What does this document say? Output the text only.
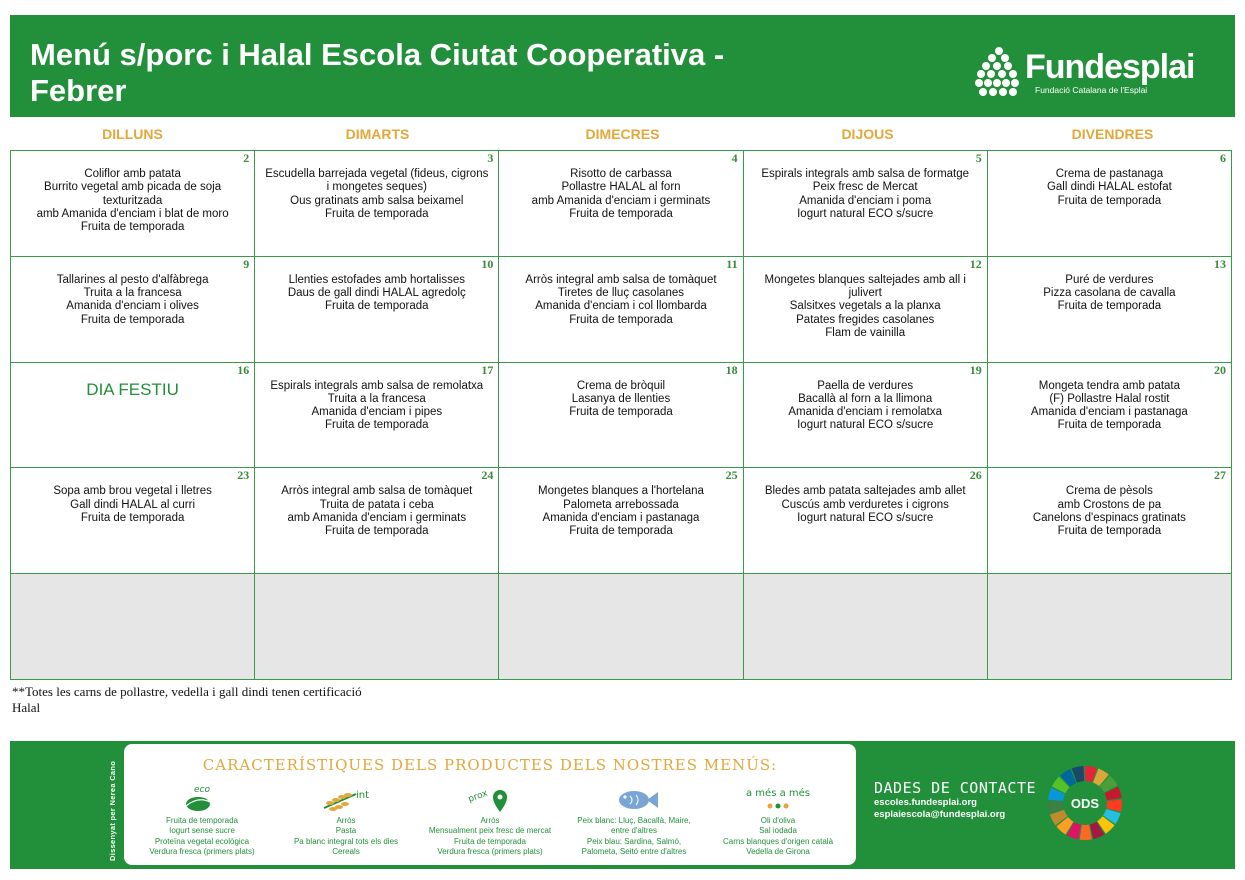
Menú s/porc i Halal Escola Ciutat Cooperativa -
Febrer
Fundesplai
Fundació Catalana de l'Esplai
DILLUNS	DIMARTS	DIMECRES	DIJOUS	DIVENDRES
2
Coliflor amb patata
Burrito vegetal amb picada de soja
texturitzada
amb Amanida d'enciam i blat de moro
Fruita de temporada
3
Escudella barrejada vegetal (fideus, cigrons
i mongetes seques)
Ous gratinats amb salsa beixamel
Fruita de temporada
4
Risotto de carbassa
Pollastre HALAL al forn
amb Amanida d'enciam i germinats
Fruita de temporada
5
Espirals integrals amb salsa de formatge
Peix fresc de Mercat
Amanida d'enciam i poma
Iogurt natural ECO s/sucre
6
Crema de pastanaga
Gall dindi HALAL estofat
Fruita de temporada
9
Tallarines al pesto d'alfàbrega
Truita a la francesa
Amanida d'enciam i olives
Fruita de temporada
10
Llenties estofades amb hortalisses
Daus de gall dindi HALAL agredolç
Fruita de temporada
11
Arròs integral amb salsa de tomàquet
Tiretes de lluç casolanes
Amanida d'enciam i col llombarda
Fruita de temporada
12
Mongetes blanques saltejades amb all i
julivert
Salsitxes vegetals a la planxa
Patates fregides casolanes
Flam de vainilla
13
Puré de verdures
Pizza casolana de cavalla
Fruita de temporada
16
DIA FESTIU
17
Espirals integrals amb salsa de remolatxa
Truita a la francesa
Amanida d'enciam i pipes
Fruita de temporada
18
Crema de bròquil
Lasanya de llenties
Fruita de temporada
19
Paella de verdures
Bacallà al forn a la llimona
Amanida d'enciam i remolatxa
Iogurt natural ECO s/sucre
20
Mongeta tendra amb patata
(F) Pollastre Halal rostit
Amanida d'enciam i pastanaga
Fruita de temporada
23
Sopa amb brou vegetal i lletres
Gall dindi HALAL al curri
Fruita de temporada
24
Arròs integral amb salsa de tomàquet
Truita de patata i ceba
amb Amanida d'enciam i germinats
Fruita de temporada
25
Mongetes blanques a l'hortelana
Palometa arrebossada
Amanida d'enciam i pastanaga
Fruita de temporada
26
Bledes amb patata saltejades amb allet
Cuscús amb verduretes i cigrons
Iogurt natural ECO s/sucre
27
Crema de pèsols
amb Crostons de pa
Canelons d'espinacs gratinats
Fruita de temporada
**Totes les carns de pollastre, vedella i gall dindi tenen certificació Halal
Dissenyat per Nerea Cano	CARACTERÍSTIQUES DELS PRODUCTES DELS NOSTRES MENÚS:
eco
Fruita de temporada
Iogurt sense sucre
Proteïna vegetal ecològica
Verdura fresca (primers plats)
int
Arròs
Pasta
Pa blanc integral tots els dies
Cereals
prox
Arròs
Mensualment peix fresc de mercat
Fruita de temporada
Verdura fresca (primers plats)
Peix blanc: Lluç, Bacallà, Maire,
entre d'altres
Peix blau: Sardina, Salmó,
Palometa, Seitó entre d'altres
a més a més
Oli d'oliva
Sal iodada
Carns blanques d'origen català
Vedella de Girona
DADES DE CONTACTE
escoles.fundesplai.org
esplaiescola@fundesplai.org
ODS
